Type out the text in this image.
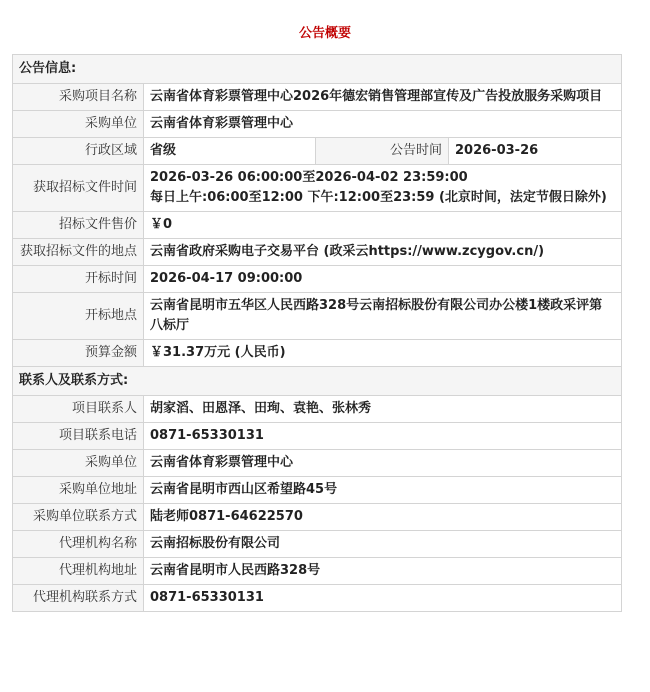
公告概要
公告信息:			
采购项目名称	云南省体育彩票管理中心2026年德宏销售管理部宣传及广告投放服务采购项目		
采购单位	云南省体育彩票管理中心		
行政区域	省级	公告时间	2026-03-26
获取招标文件时间	2026-03-26 06:00:00至2026-04-02 23:59:00
每日上午:06:00至12:00 下午:12:00至23:59 (北京时间，法定节假日除外)		

招标文件售价	￥0		
获取招标文件的地点	云南省政府采购电子交易平台 (政采云https://www.zcygov.cn/)		
开标时间	2026-04-17 09:00:00		
开标地点	云南省昆明市五华区人民西路328号云南招标股份有限公司办公楼1楼政采评第八标厅		
预算金额	￥31.37万元 (人民币)		
联系人及联系方式:			
项目联系人	胡家滔、田恩泽、田珣、袁艳、张林秀		
项目联系电话	0871-65330131		
采购单位	云南省体育彩票管理中心		
采购单位地址	云南省昆明市西山区希望路45号		
采购单位联系方式	陆老师0871-64622570		
代理机构名称	云南招标股份有限公司		
代理机构地址	云南省昆明市人民西路328号		
代理机构联系方式	0871-65330131		
